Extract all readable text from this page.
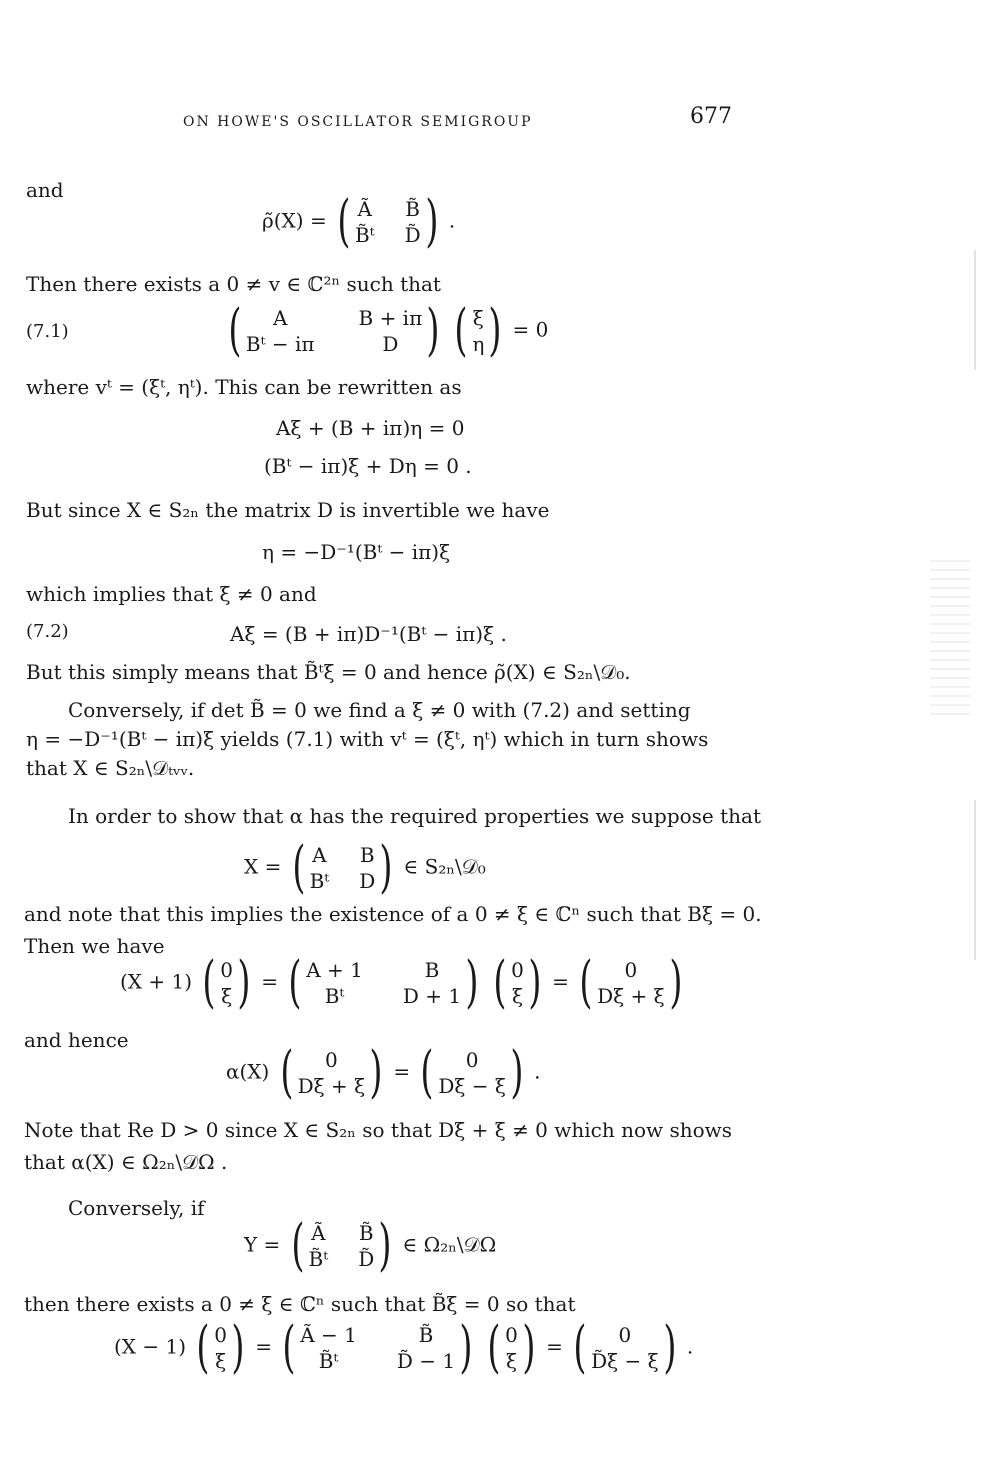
ON HOWE'S OSCILLATOR SEMIGROUP	677
and
ρ̃(X) = ( Ã B̃
B̃ᵗ D̃ ) .
Then there exists a 0 ≠ v ∈ ℂ²ⁿ such that
(7.1)	(	A	B + iπ
Bᵗ − iπ	D )
( ξ
η ) = 0
where vᵗ = (ξᵗ, ηᵗ). This can be rewritten as
Aξ + (B + iπ)η = 0
(Bᵗ − iπ)ξ + Dη = 0 .
But since X ∈ S₂ₙ the matrix D is invertible we have
η = −D⁻¹(Bᵗ − iπ)ξ
which implies that ξ ≠ 0 and
(7.2)	Aξ = (B + iπ)D⁻¹(Bᵗ − iπ)ξ .
But this simply means that B̃ᵗξ = 0 and hence ρ̃(X) ∈ S₂ₙ\𝒟₀.
Conversely, if det B̃ = 0 we find a ξ ≠ 0 with (7.2) and setting
η = −D⁻¹(Bᵗ − iπ)ξ yields (7.1) with vᵗ = (ξᵗ, ηᵗ) which in turn shows
that X ∈ S₂ₙ\𝒟ₜᵥᵥ.
In order to show that α has the required properties we suppose that
X = ( A B
Bᵗ D ) ∈ S₂ₙ\𝒟₀
and note that this implies the existence of a 0 ≠ ξ ∈ ℂⁿ such that Bξ = 0.
Then we have
(X + 1) ( 0
ξ ) = ( A + 1	B
Bᵗ	D + 1 )
( 0
ξ ) = (	0
Dξ + ξ )
and hence
α(X) (	0
Dξ + ξ ) = (	0
Dξ − ξ ) .
Note that Re D > 0 since X ∈ S₂ₙ so that Dξ + ξ ≠ 0 which now shows
that α(X) ∈ Ω₂ₙ\𝒟Ω .
Conversely, if
Y = ( Ã B̃
B̃ᵗ D̃ ) ∈ Ω₂ₙ\𝒟Ω
then there exists a 0 ≠ ξ ∈ ℂⁿ such that B̃ξ = 0 so that
(X − 1) ( 0
ξ ) = ( Ã − 1	B̃
B̃ᵗ	D̃ − 1 )
( 0
ξ ) = (	0
D̃ξ − ξ ) .
